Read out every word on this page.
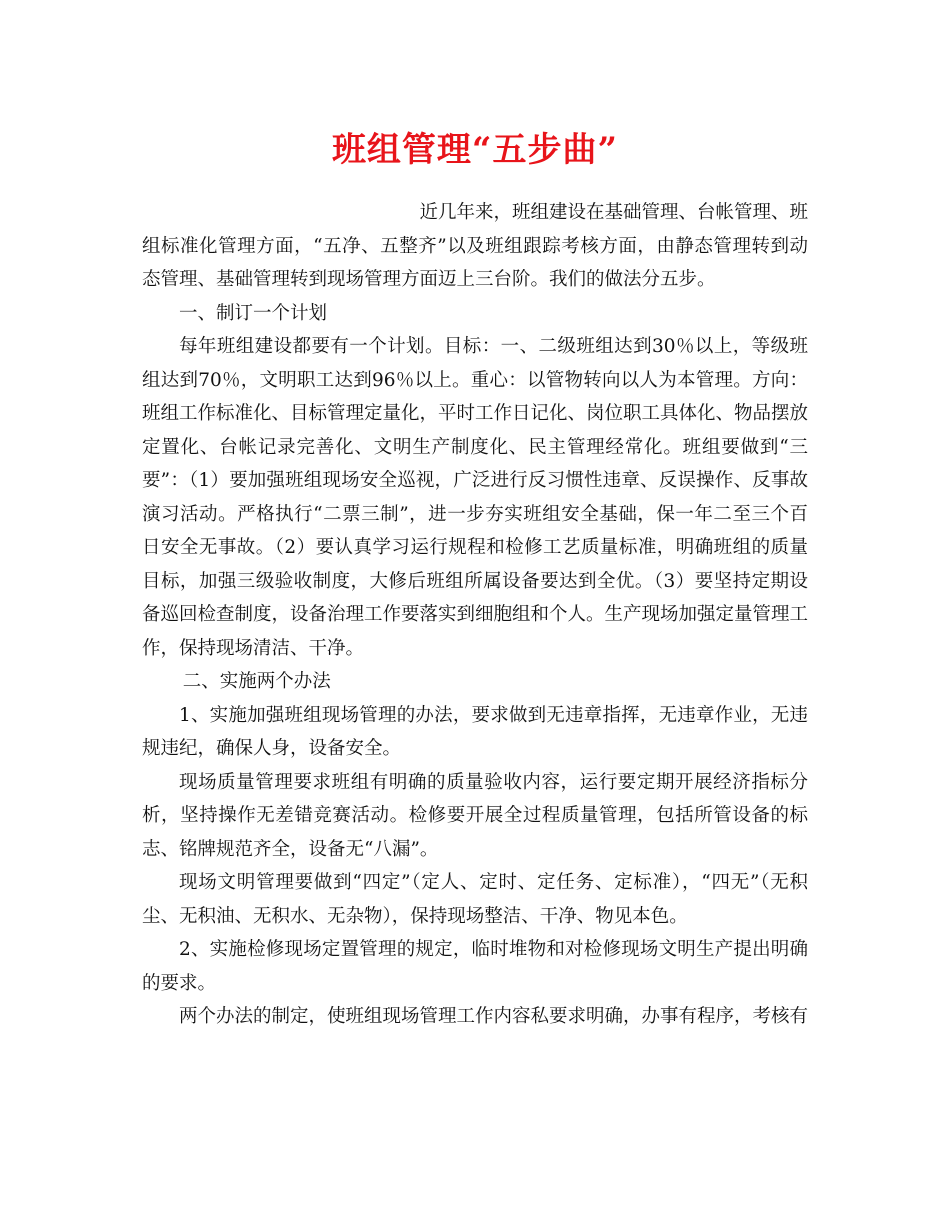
班组管理“五步曲”

近几年来，班组建设在基础管理、台帐管理、班组标准化管理方面，“五净、五整齐”以及班组跟踪考核方面，由静态管理转到动态管理、基础管理转到现场管理方面迈上三台阶。我们的做法分五步。

一、制订一个计划

每年班组建设都要有一个计划。目标：一、二级班组达到30％以上，等级班组达到70％，文明职工达到96％以上。重心：以管物转向以人为本管理。方向：班组工作标准化、目标管理定量化，平时工作日记化、岗位职工具体化、物品摆放定置化、台帐记录完善化、文明生产制度化、民主管理经常化。班组要做到“三要”：（1）要加强班组现场安全巡视，广泛进行反习惯性违章、反误操作、反事故演习活动。严格执行“二票三制”，进一步夯实班组安全基础，保一年二至三个百日安全无事故。（2）要认真学习运行规程和检修工艺质量标准，明确班组的质量目标，加强三级验收制度，大修后班组所属设备要达到全优。（3）要坚持定期设备巡回检查制度，设备治理工作要落实到细胞组和个人。生产现场加强定量管理工作，保持现场清洁、干净。

二、实施两个办法

1、实施加强班组现场管理的办法，要求做到无违章指挥，无违章作业，无违规违纪，确保人身，设备安全。

现场质量管理要求班组有明确的质量验收内容，运行要定期开展经济指标分析，坚持操作无差错竞赛活动。检修要开展全过程质量管理，包括所管设备的标志、铭牌规范齐全，设备无“八漏”。

现场文明管理要做到“四定”（定人、定时、定任务、定标准），“四无”（无积尘、无积油、无积水、无杂物），保持现场整洁、干净、物见本色。

2、实施检修现场定置管理的规定，临时堆物和对检修现场文明生产提出明确的要求。

两个办法的制定，使班组现场管理工作内容私要求明确，办事有程序，考核有
